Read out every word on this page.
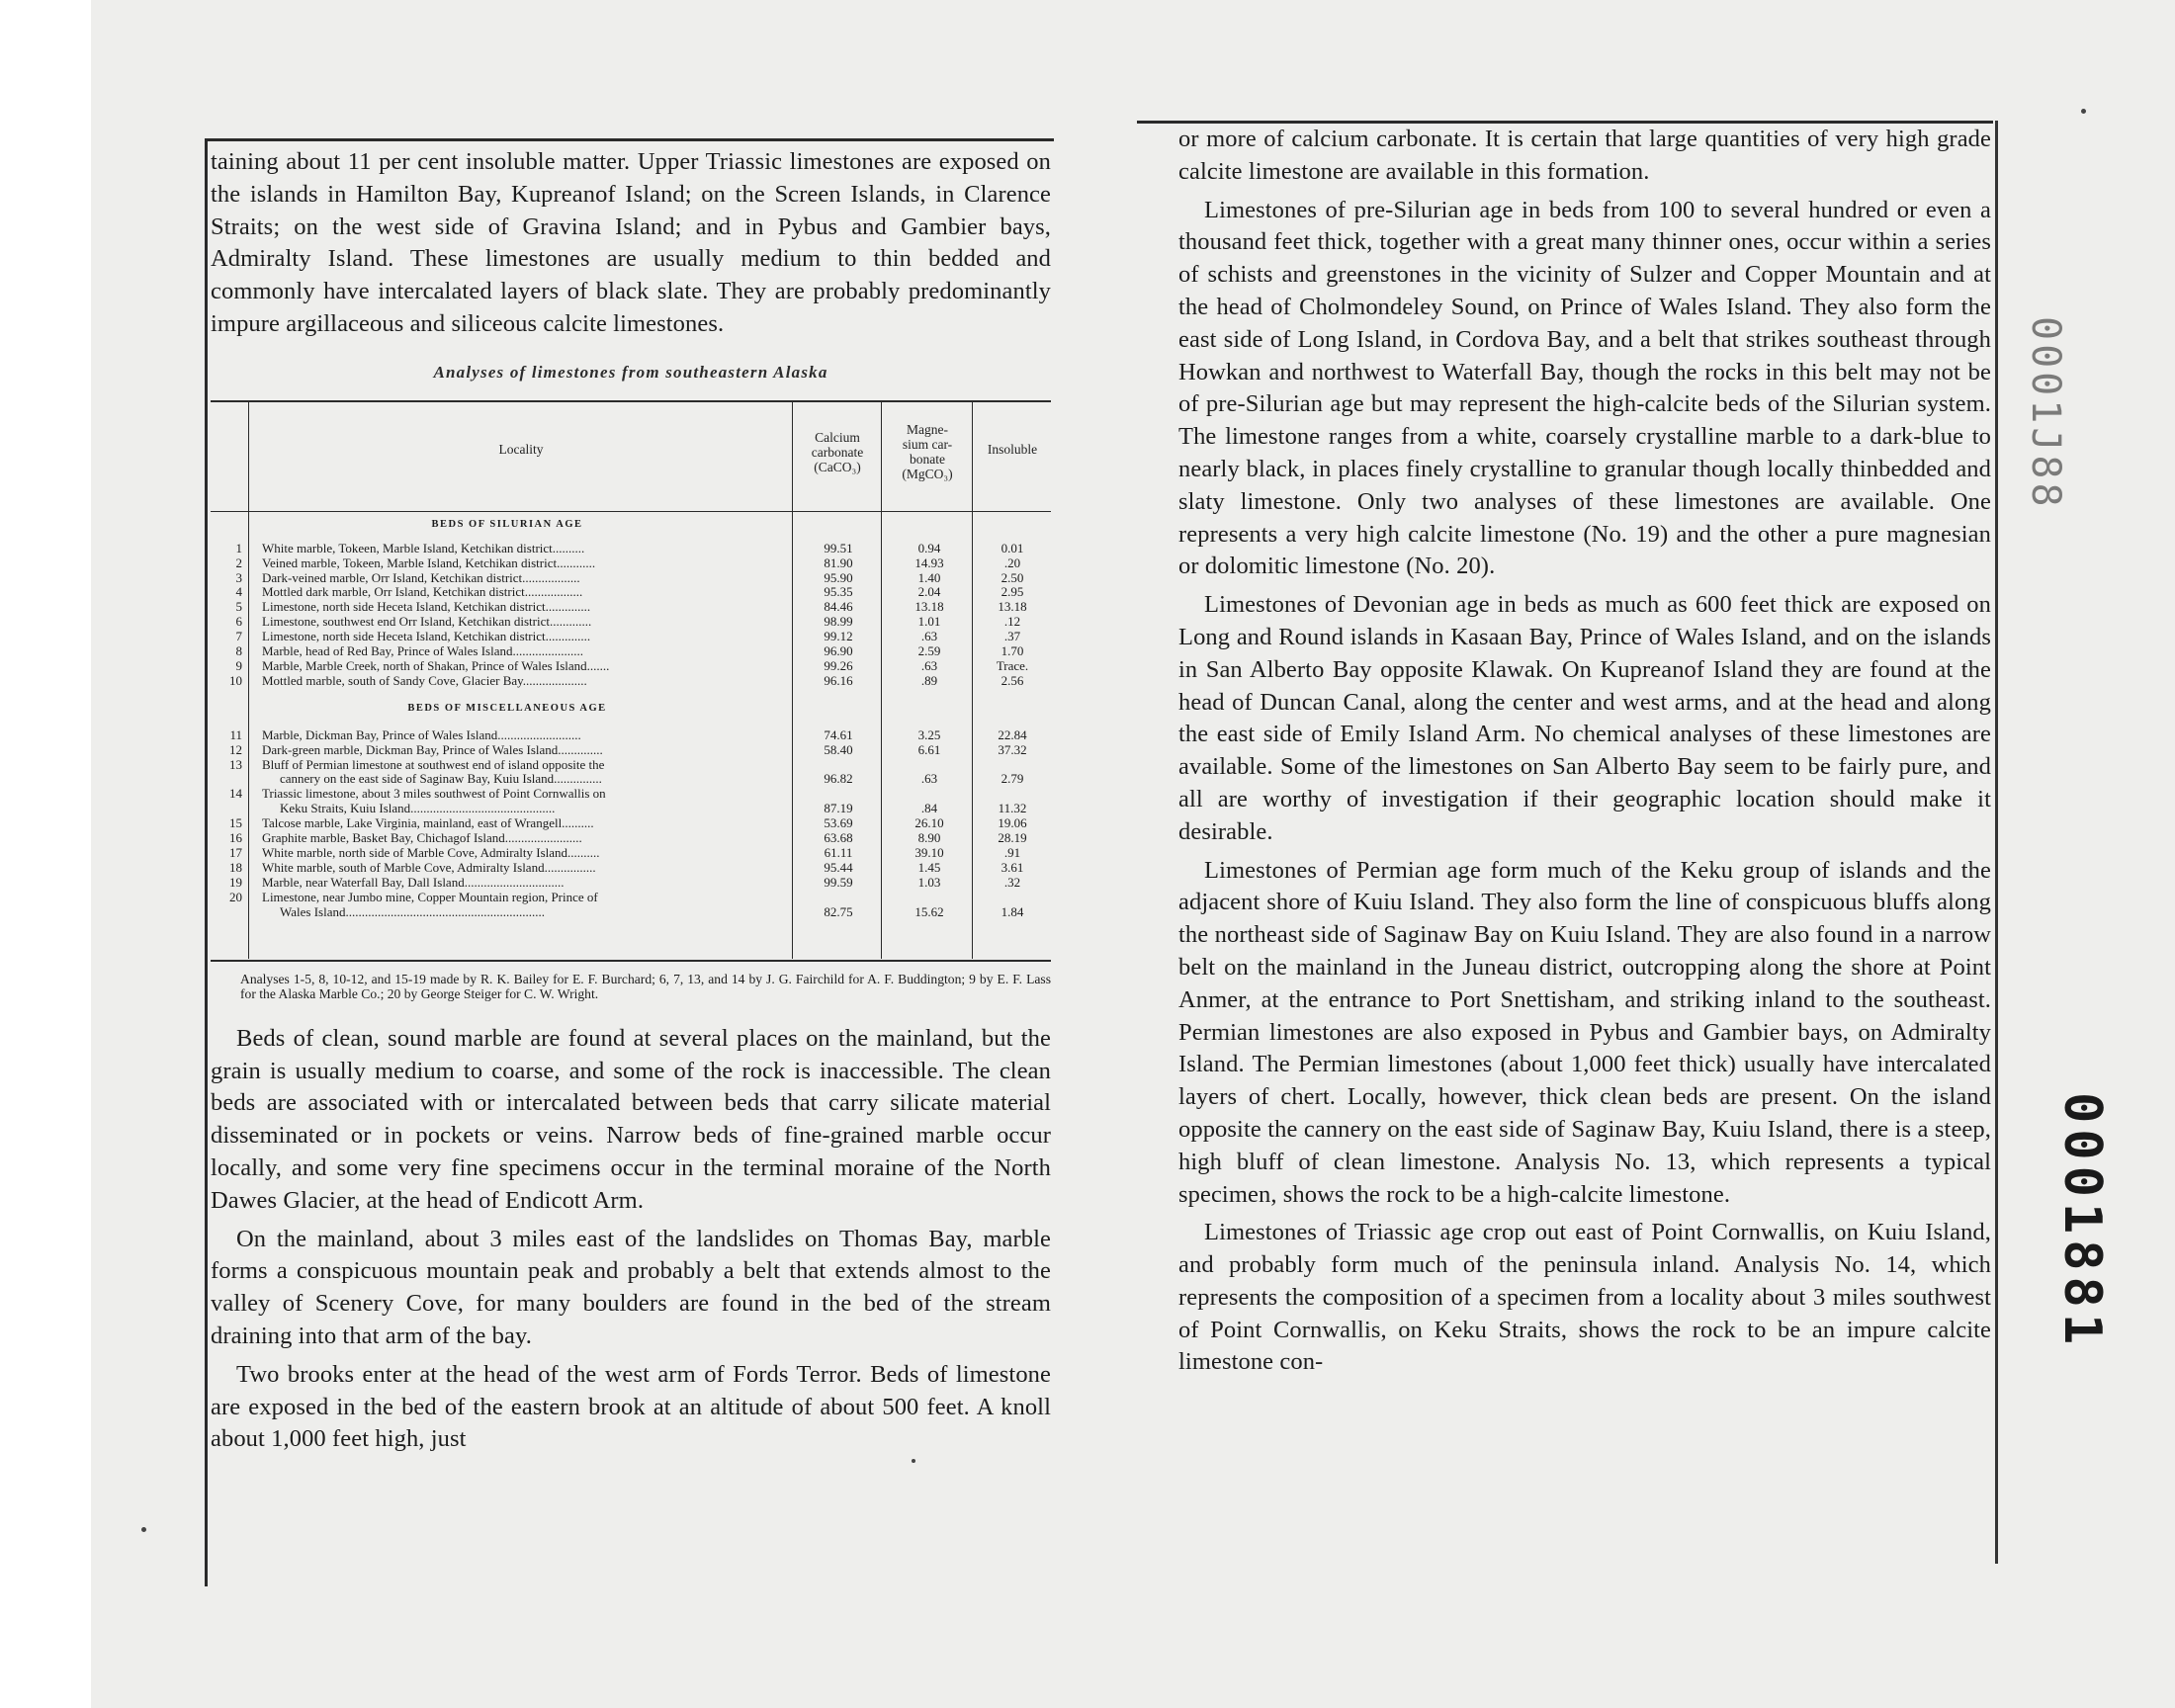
taining about 11 per cent insoluble matter. Upper Triassic limestones are exposed on the islands in Hamilton Bay, Kupreanof Island; on the Screen Islands, in Clarence Straits; on the west side of Gravina Island; and in Pybus and Gambier bays, Admiralty Island. These limestones are usually medium to thin bedded and commonly have intercalated layers of black slate. They are probably predominantly impure argillaceous and siliceous calcite limestones.

Analyses of limestones from southeastern Alaska
Locality
Calcium
carbonate
(CaCO₃)
Magne-
sium car-
bonate
(MgCO₃)
Insoluble
BEDS OF SILURIAN AGE
1 White marble, Tokeen, Marble Island, Ketchikan district..........	99.51	0.94	0.01
2 Veined marble, Tokeen, Marble Island, Ketchikan district............	81.90	14.93	.20
3 Dark-veined marble, Orr Island, Ketchikan district..................	95.90	1.40	2.50
4 Mottled dark marble, Orr Island, Ketchikan district..................	95.35	2.04	2.95
5 Limestone, north side Heceta Island, Ketchikan district..............	84.46	13.18	13.18
6 Limestone, southwest end Orr Island, Ketchikan district.............	98.99	1.01	.12
7 Limestone, north side Heceta Island, Ketchikan district..............	99.12	.63	.37
8 Marble, head of Red Bay, Prince of Wales Island......................	96.90	2.59	1.70
9 Marble, Marble Creek, north of Shakan, Prince of Wales Island.......	99.26	.63	Trace.
10 Mottled marble, south of Sandy Cove, Glacier Bay....................	96.16	.89	2.56
BEDS OF MISCELLANEOUS AGE
11 Marble, Dickman Bay, Prince of Wales Island..........................	74.61	3.25	22.84
12 Dark-green marble, Dickman Bay, Prince of Wales Island..............	58.40	6.61	37.32
13 Bluff of Permian limestone at southwest end of island opposite the
cannery on the east side of Saginaw Bay, Kuiu Island...............	96.82	.63	2.79
14 Triassic limestone, about 3 miles southwest of Point Cornwallis on
Keku Straits, Kuiu Island.............................................	87.19	.84	11.32
15 Talcose marble, Lake Virginia, mainland, east of Wrangell..........	53.69	26.10	19.06
16 Graphite marble, Basket Bay, Chichagof Island........................	63.68	8.90	28.19
17 White marble, north side of Marble Cove, Admiralty Island..........	61.11	39.10	.91
18 White marble, south of Marble Cove, Admiralty Island................	95.44	1.45	3.61
19 Marble, near Waterfall Bay, Dall Island...............................	99.59	1.03	.32
20 Limestone, near Jumbo mine, Copper Mountain region, Prince of
Wales Island..............................................................	82.75	15.62	1.84

Analyses 1-5, 8, 10-12, and 15-19 made by R. K. Bailey for E. F. Burchard; 6, 7, 13, and 14 by J. G. Fairchild for A. F. Buddington; 9 by E. F. Lass for the Alaska Marble Co.; 20 by George Steiger for C. W. Wright.

Beds of clean, sound marble are found at several places on the mainland, but the grain is usually medium to coarse, and some of the rock is inaccessible. The clean beds are associated with or intercalated between beds that carry silicate material disseminated or in pockets or veins. Narrow beds of fine-grained marble occur locally, and some very fine specimens occur in the terminal moraine of the North Dawes Glacier, at the head of Endicott Arm.

On the mainland, about 3 miles east of the landslides on Thomas Bay, marble forms a conspicuous mountain peak and probably a belt that extends almost to the valley of Scenery Cove, for many boulders are found in the bed of the stream draining into that arm of the bay.

Two brooks enter at the head of the west arm of Fords Terror. Beds of limestone are exposed in the bed of the eastern brook at an altitude of about 500 feet. A knoll about 1,000 feet high, just

or more of calcium carbonate. It is certain that large quantities of very high grade calcite limestone are available in this formation.

Limestones of pre-Silurian age in beds from 100 to several hundred or even a thousand feet thick, together with a great many thinner ones, occur within a series of schists and greenstones in the vicinity of Sulzer and Copper Mountain and at the head of Cholmondeley Sound, on Prince of Wales Island. They also form the east side of Long Island, in Cordova Bay, and a belt that strikes southeast through Howkan and northwest to Waterfall Bay, though the rocks in this belt may not be of pre-Silurian age but may represent the high-calcite beds of the Silurian system. The limestone ranges from a white, coarsely crystalline marble to a dark-blue to nearly black, in places finely crystalline to granular though locally thinbedded and slaty limestone. Only two analyses of these limestones are available. One represents a very high calcite limestone (No. 19) and the other a pure magnesian or dolomitic limestone (No. 20).

Limestones of Devonian age in beds as much as 600 feet thick are exposed on Long and Round islands in Kasaan Bay, Prince of Wales Island, and on the islands in San Alberto Bay opposite Klawak. On Kupreanof Island they are found at the head of Duncan Canal, along the center and west arms, and at the head and along the east side of Emily Island Arm. No chemical analyses of these limestones are available. Some of the limestones on San Alberto Bay seem to be fairly pure, and all are worthy of investigation if their geographic location should make it desirable.

Limestones of Permian age form much of the Keku group of islands and the adjacent shore of Kuiu Island. They also form the line of conspicuous bluffs along the northeast side of Saginaw Bay on Kuiu Island. They are also found in a narrow belt on the mainland in the Juneau district, outcropping along the shore at Point Anmer, at the entrance to Port Snettisham, and striking inland to the southeast. Permian limestones are also exposed in Pybus and Gambier bays, on Admiralty Island. The Permian limestones (about 1,000 feet thick) usually have intercalated layers of chert. Locally, however, thick clean beds are present. On the island opposite the cannery on the east side of Saginaw Bay, Kuiu Island, there is a steep, high bluff of clean limestone. Analysis No. 13, which represents a typical specimen, shows the rock to be a high-calcite limestone.

Limestones of Triassic age crop out east of Point Cornwallis, on Kuiu Island, and probably form much of the peninsula inland. Analysis No. 14, which represents the composition of a specimen from a locality about 3 miles southwest of Point Cornwallis, on Keku Straits, shows the rock to be an impure calcite limestone con-

0001J88
0001881
